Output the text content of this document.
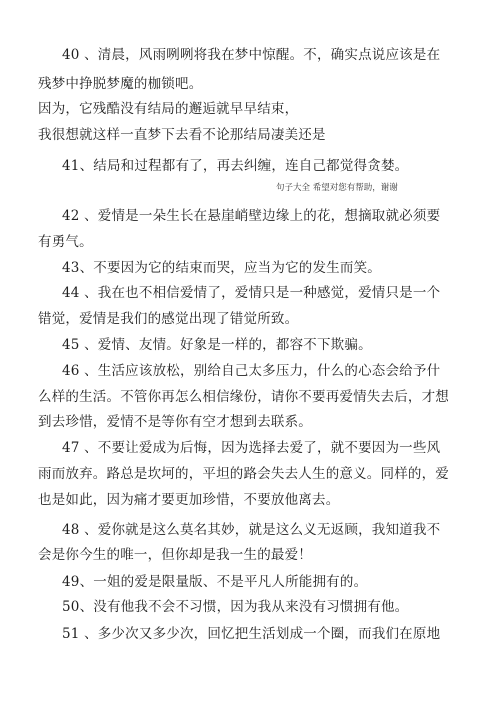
40 、清晨，风雨咧咧将我在梦中惊醒。不，确实点说应该是在
残梦中挣脱梦魔的枷锁吧。
因为，它残酷没有结局的邂逅就早早结束，
我很想就这样一直梦下去看不论那结局凄美还是
41、结局和过程都有了，再去纠缠，连自己都觉得贪婪。
句子大全 希望对您有帮助，谢谢
42 、爱情是一朵生长在悬崖峭壁边缘上的花，想摘取就必须要
有勇气。
43、不要因为它的结束而哭，应当为它的发生而笑。
44 、我在也不相信爱情了，爱情只是一种感觉，爱情只是一个
错觉，爱情是我们的感觉出现了错觉所致。
45 、爱情、友情。好象是一样的，都容不下欺骗。
46 、生活应该放松，别给自己太多压力，什么的心态会给予什
么样的生活。不管你再怎么相信缘份，请你不要再爱情失去后，才想
到去珍惜，爱情不是等你有空才想到去联系。
47 、不要让爱成为后悔，因为选择去爱了，就不要因为一些风
雨而放弃。路总是坎坷的，平坦的路会失去人生的意义。同样的，爱
也是如此，因为痛才要更加珍惜，不要放他离去。
48 、爱你就是这么莫名其妙，就是这么义无返顾，我知道我不
会是你今生的唯一，但你却是我一生的最爱！
49、一姐的爱是限量版、不是平凡人所能拥有的。
50、没有他我不会不习惯，因为我从来没有习惯拥有他。
51 、多少次又多少次，回忆把生活划成一个圈，而我们在原地
